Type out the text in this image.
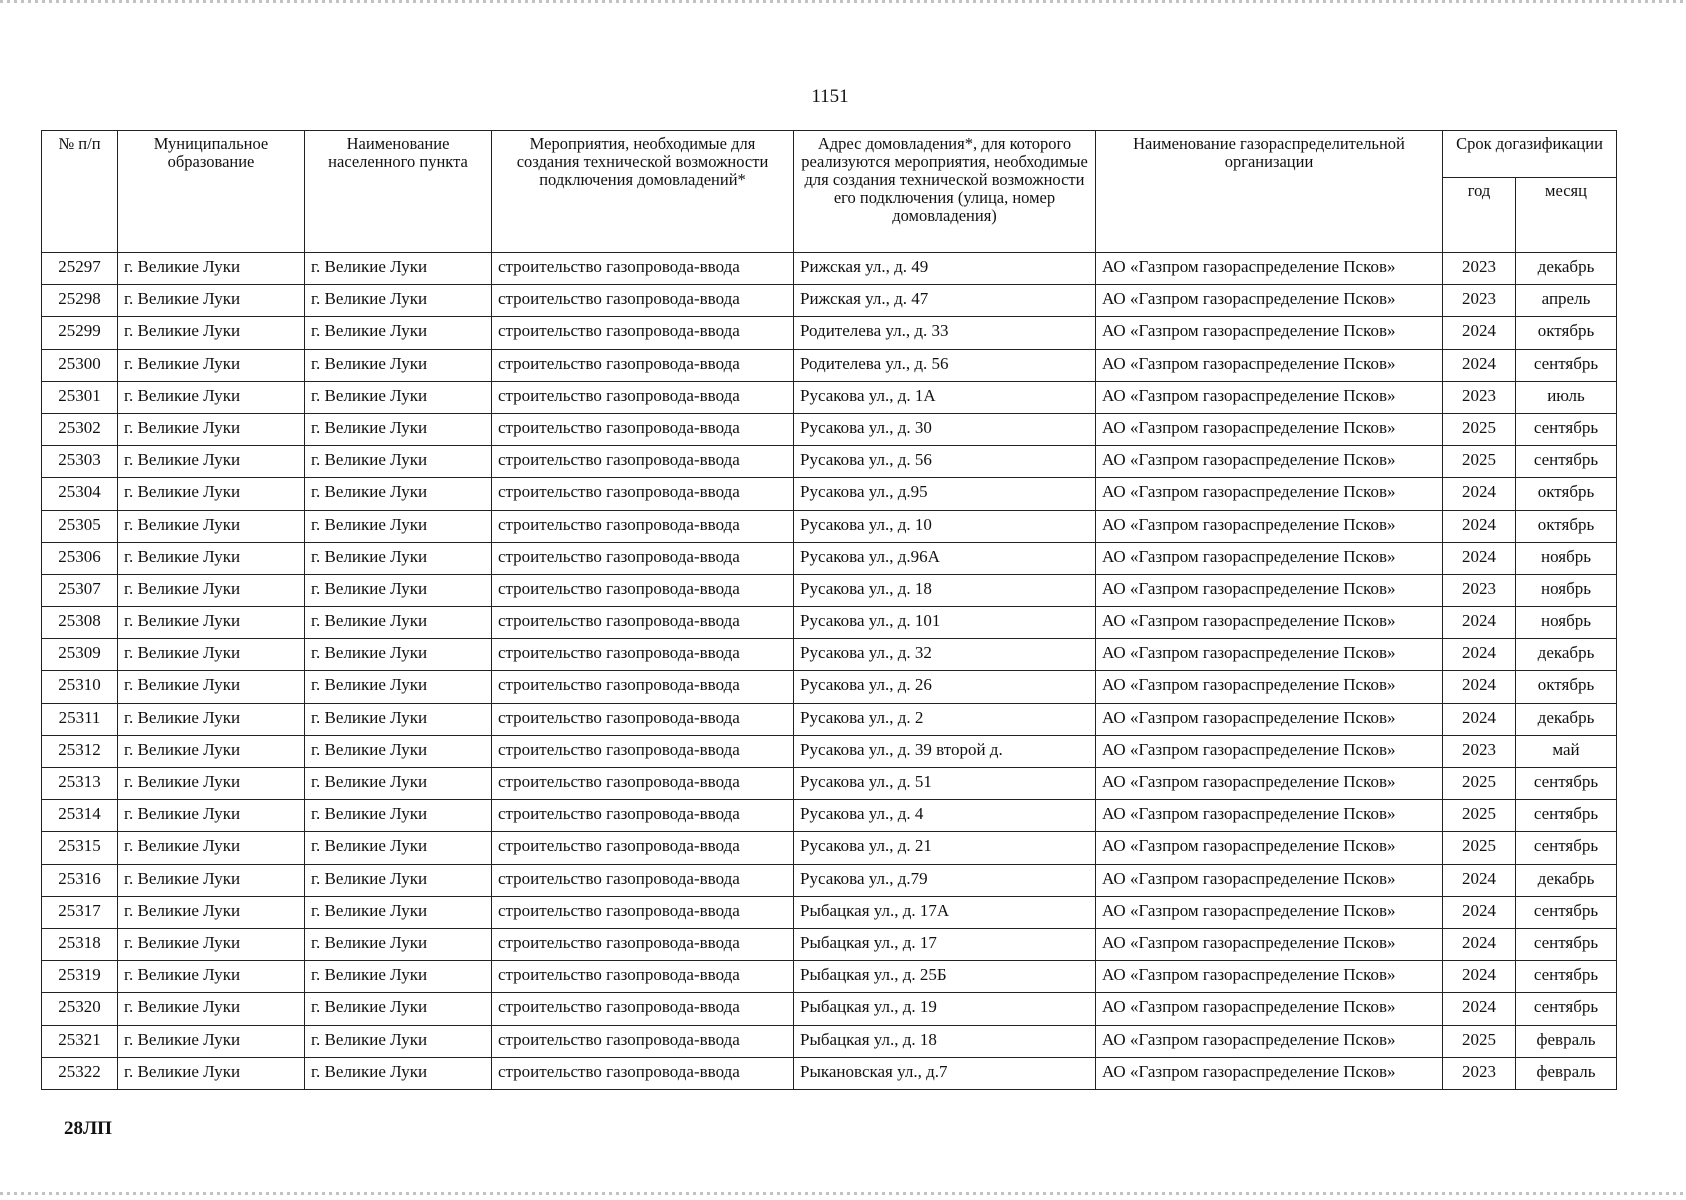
1151
№ п/п	Муниципальное образование	Наименование населенного пункта	Мероприятия, необходимые для создания технической возможности подключения домовладений*	Адрес домовладения*, для которого реализуются мероприятия, необходимые для создания технической возможности его подключения (улица, номер домовладения)	Наименование газораспределительной организации	Срок догазификации	
						год	месяц
25297	г. Великие Луки	г. Великие Луки	строительство газопровода-ввода	Рижская ул., д. 49	АО «Газпром газораспределение Псков»	2023	декабрь
25298	г. Великие Луки	г. Великие Луки	строительство газопровода-ввода	Рижская ул., д. 47	АО «Газпром газораспределение Псков»	2023	апрель
25299	г. Великие Луки	г. Великие Луки	строительство газопровода-ввода	Родителева ул., д. 33	АО «Газпром газораспределение Псков»	2024	октябрь
25300	г. Великие Луки	г. Великие Луки	строительство газопровода-ввода	Родителева ул., д. 56	АО «Газпром газораспределение Псков»	2024	сентябрь
25301	г. Великие Луки	г. Великие Луки	строительство газопровода-ввода	Русакова ул., д. 1А	АО «Газпром газораспределение Псков»	2023	июль
25302	г. Великие Луки	г. Великие Луки	строительство газопровода-ввода	Русакова ул., д. 30	АО «Газпром газораспределение Псков»	2025	сентябрь
25303	г. Великие Луки	г. Великие Луки	строительство газопровода-ввода	Русакова ул., д. 56	АО «Газпром газораспределение Псков»	2025	сентябрь
25304	г. Великие Луки	г. Великие Луки	строительство газопровода-ввода	Русакова ул., д.95	АО «Газпром газораспределение Псков»	2024	октябрь
25305	г. Великие Луки	г. Великие Луки	строительство газопровода-ввода	Русакова ул., д. 10	АО «Газпром газораспределение Псков»	2024	октябрь
25306	г. Великие Луки	г. Великие Луки	строительство газопровода-ввода	Русакова ул., д.96А	АО «Газпром газораспределение Псков»	2024	ноябрь
25307	г. Великие Луки	г. Великие Луки	строительство газопровода-ввода	Русакова ул., д. 18	АО «Газпром газораспределение Псков»	2023	ноябрь
25308	г. Великие Луки	г. Великие Луки	строительство газопровода-ввода	Русакова ул., д. 101	АО «Газпром газораспределение Псков»	2024	ноябрь
25309	г. Великие Луки	г. Великие Луки	строительство газопровода-ввода	Русакова ул., д. 32	АО «Газпром газораспределение Псков»	2024	декабрь
25310	г. Великие Луки	г. Великие Луки	строительство газопровода-ввода	Русакова ул., д. 26	АО «Газпром газораспределение Псков»	2024	октябрь
25311	г. Великие Луки	г. Великие Луки	строительство газопровода-ввода	Русакова ул., д. 2	АО «Газпром газораспределение Псков»	2024	декабрь
25312	г. Великие Луки	г. Великие Луки	строительство газопровода-ввода	Русакова ул., д. 39 второй д.	АО «Газпром газораспределение Псков»	2023	май
25313	г. Великие Луки	г. Великие Луки	строительство газопровода-ввода	Русакова ул., д. 51	АО «Газпром газораспределение Псков»	2025	сентябрь
25314	г. Великие Луки	г. Великие Луки	строительство газопровода-ввода	Русакова ул., д. 4	АО «Газпром газораспределение Псков»	2025	сентябрь
25315	г. Великие Луки	г. Великие Луки	строительство газопровода-ввода	Русакова ул., д. 21	АО «Газпром газораспределение Псков»	2025	сентябрь
25316	г. Великие Луки	г. Великие Луки	строительство газопровода-ввода	Русакова ул., д.79	АО «Газпром газораспределение Псков»	2024	декабрь
25317	г. Великие Луки	г. Великие Луки	строительство газопровода-ввода	Рыбацкая ул., д. 17А	АО «Газпром газораспределение Псков»	2024	сентябрь
25318	г. Великие Луки	г. Великие Луки	строительство газопровода-ввода	Рыбацкая ул., д. 17	АО «Газпром газораспределение Псков»	2024	сентябрь
25319	г. Великие Луки	г. Великие Луки	строительство газопровода-ввода	Рыбацкая ул., д. 25Б	АО «Газпром газораспределение Псков»	2024	сентябрь
25320	г. Великие Луки	г. Великие Луки	строительство газопровода-ввода	Рыбацкая ул., д. 19	АО «Газпром газораспределение Псков»	2024	сентябрь
25321	г. Великие Луки	г. Великие Луки	строительство газопровода-ввода	Рыбацкая ул., д. 18	АО «Газпром газораспределение Псков»	2025	февраль
25322	г. Великие Луки	г. Великие Луки	строительство газопровода-ввода	Рыкановская ул., д.7	АО «Газпром газораспределение Псков»	2023	февраль
28ЛП
